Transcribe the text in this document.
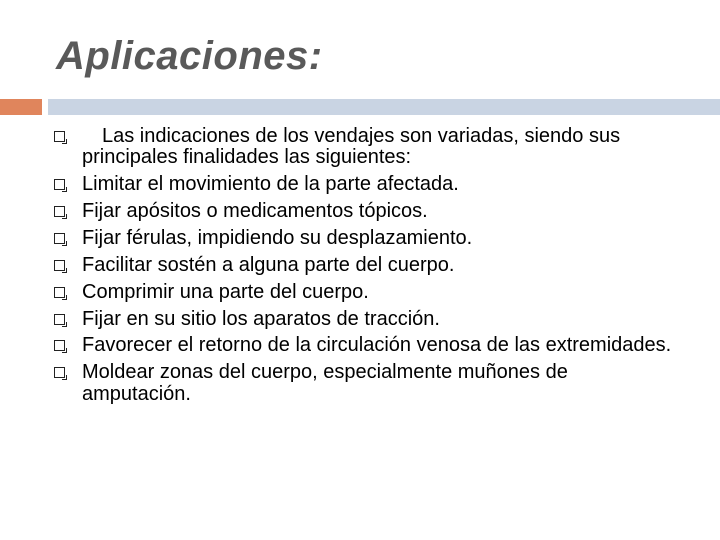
Aplicaciones:
Las indicaciones de los vendajes son variadas, siendo sus principales finalidades las siguientes:
Limitar el movimiento de la parte afectada.
Fijar apósitos o medicamentos tópicos.
Fijar férulas, impidiendo su desplazamiento.
Facilitar sostén a alguna parte del cuerpo.
Comprimir una parte del cuerpo.
Fijar en su sitio los aparatos de tracción.
Favorecer el retorno de la circulación venosa de las extremidades.
Moldear zonas del cuerpo, especialmente muñones de amputación.
